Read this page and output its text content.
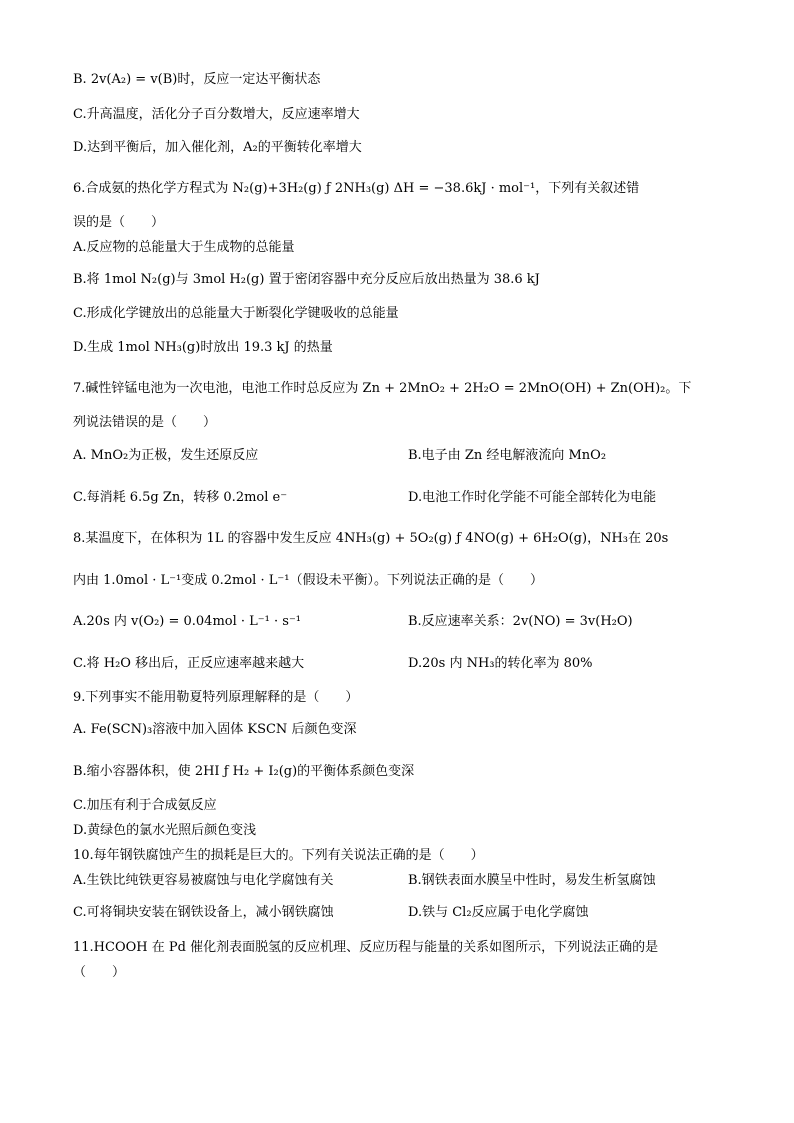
B. 2v(A₂) = v(B)时，反应一定达平衡状态
C.升高温度，活化分子百分数增大，反应速率增大
D.达到平衡后，加入催化剂，A₂的平衡转化率增大
6.合成氨的热化学方程式为 N₂(g)+3H₂(g) ƒ 2NH₃(g) ΔH = −38.6kJ · mol⁻¹，下列有关叙述错
误的是（　　）
A.反应物的总能量大于生成物的总能量
B.将 1mol N₂(g)与 3mol H₂(g) 置于密闭容器中充分反应后放出热量为 38.6 kJ
C.形成化学键放出的总能量大于断裂化学键吸收的总能量
D.生成 1mol NH₃(g)时放出 19.3 kJ 的热量
7.碱性锌锰电池为一次电池，电池工作时总反应为 Zn + 2MnO₂ + 2H₂O = 2MnO(OH) + Zn(OH)₂。下
列说法错误的是（　　）
A. MnO₂为正极，发生还原反应	B.电子由 Zn 经电解液流向 MnO₂
C.每消耗 6.5g Zn，转移 0.2mol e⁻	D.电池工作时化学能不可能全部转化为电能
8.某温度下，在体积为 1L 的容器中发生反应 4NH₃(g) + 5O₂(g) ƒ 4NO(g) + 6H₂O(g)，NH₃在 20s
内由 1.0mol · L⁻¹变成 0.2mol · L⁻¹（假设未平衡）。下列说法正确的是（　　）
A.20s 内 v(O₂) = 0.04mol · L⁻¹ · s⁻¹	B.反应速率关系：2v(NO) = 3v(H₂O)
C.将 H₂O 移出后，正反应速率越来越大	D.20s 内 NH₃的转化率为 80%
9.下列事实不能用勒夏特列原理解释的是（　　）
A. Fe(SCN)₃溶液中加入固体 KSCN 后颜色变深
B.缩小容器体积，使 2HI ƒ H₂ + I₂(g)的平衡体系颜色变深
C.加压有利于合成氨反应
D.黄绿色的氯水光照后颜色变浅
10.每年钢铁腐蚀产生的损耗是巨大的。下列有关说法正确的是（　　）
A.生铁比纯铁更容易被腐蚀与电化学腐蚀有关	B.钢铁表面水膜呈中性时，易发生析氢腐蚀
C.可将铜块安装在钢铁设备上，减小钢铁腐蚀	D.铁与 Cl₂反应属于电化学腐蚀
11.HCOOH 在 Pd 催化剂表面脱氢的反应机理、反应历程与能量的关系如图所示，下列说法正确的是
（　　）
